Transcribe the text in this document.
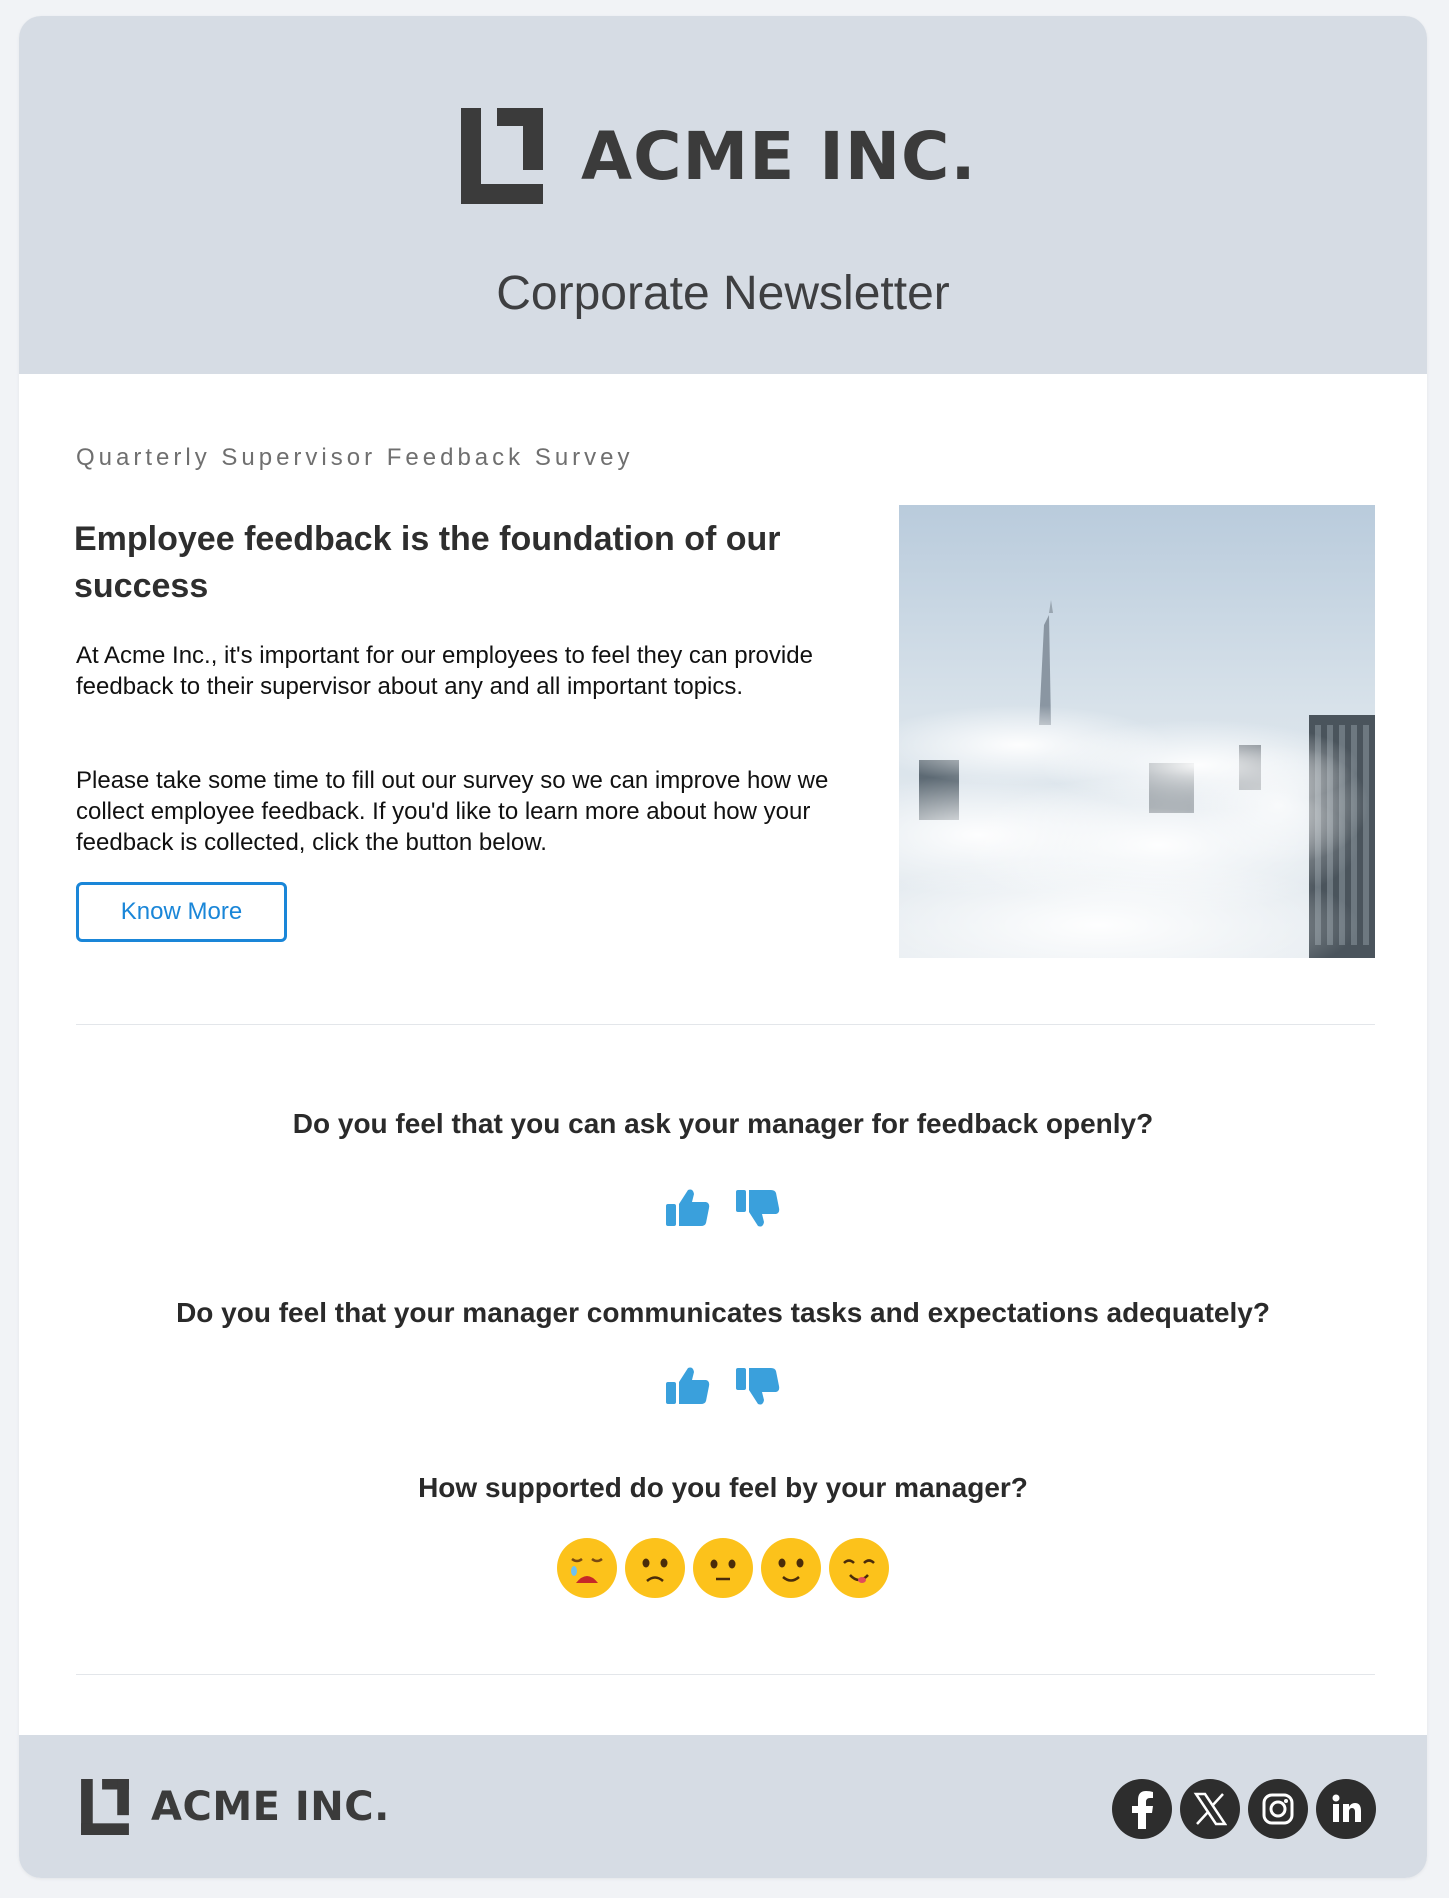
ACME INC.
Corporate Newsletter
Quarterly Supervisor Feedback Survey
Employee feedback is the foundation of our success
At Acme Inc., it's important for our employees to feel they can provide feedback to their supervisor about any and all important topics.
Please take some time to fill out our survey so we can improve how we collect employee feedback. If you'd like to learn more about how your feedback is collected, click the button below.
Know More
Do you feel that you can ask your manager for feedback openly?
Do you feel that your manager communicates tasks and expectations adequately?
How supported do you feel by your manager?
ACME INC.
